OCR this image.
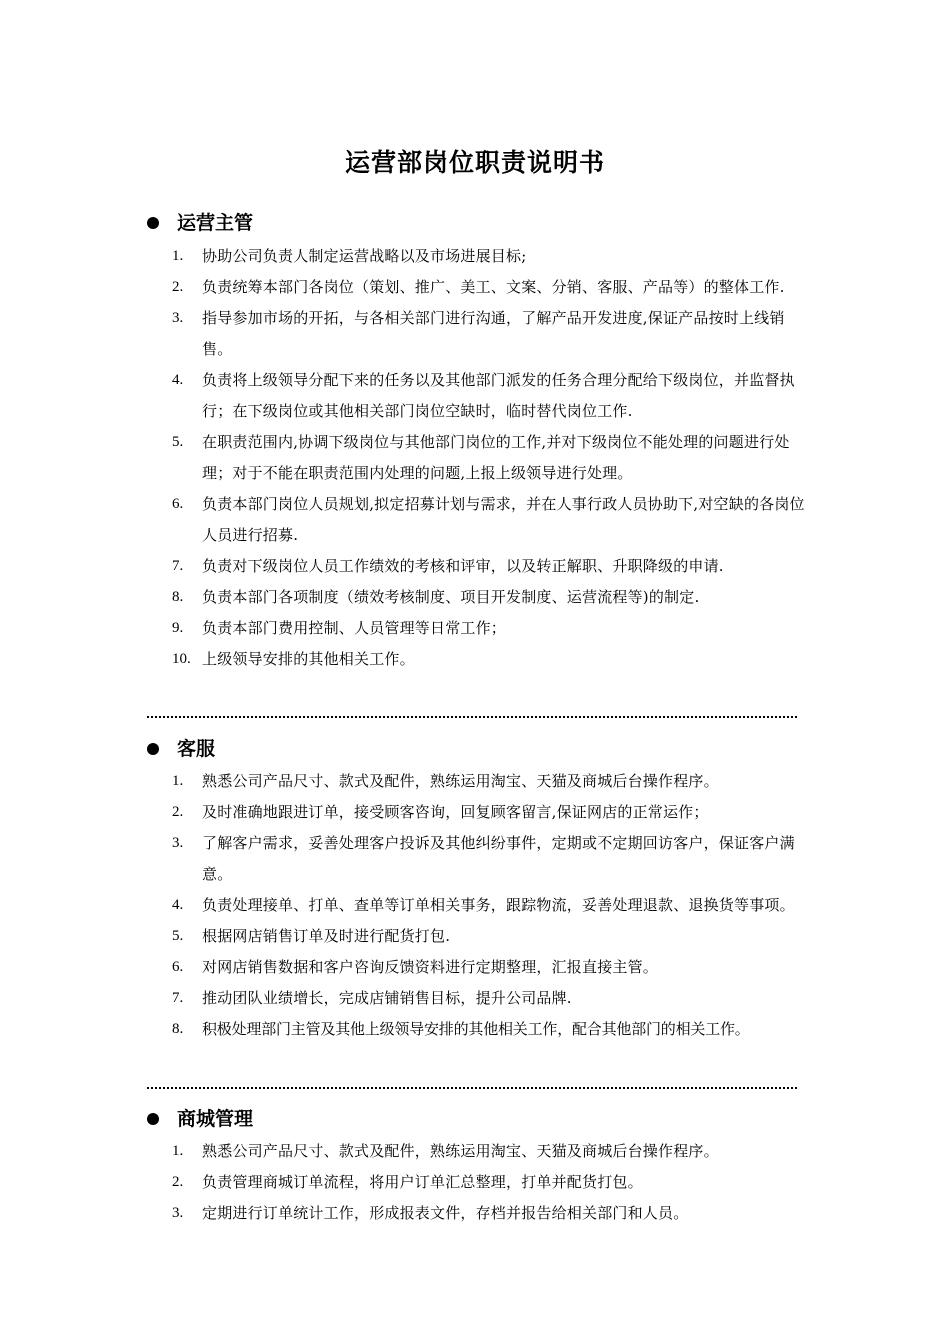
运营部岗位职责说明书
运营主管
1. 协助公司负责人制定运营战略以及市场进展目标;
2. 负责统筹本部门各岗位（策划、推广、美工、文案、分销、客服、产品等）的整体工作.
3. 指导参加市场的开拓，与各相关部门进行沟通，了解产品开发进度,保证产品按时上线销售。
4. 负责将上级领导分配下来的任务以及其他部门派发的任务合理分配给下级岗位，并监督执行；在下级岗位或其他相关部门岗位空缺时，临时替代岗位工作.
5. 在职责范围内,协调下级岗位与其他部门岗位的工作,并对下级岗位不能处理的问题进行处理；对于不能在职责范围内处理的问题,上报上级领导进行处理。
6. 负责本部门岗位人员规划,拟定招募计划与需求，并在人事行政人员协助下,对空缺的各岗位人员进行招募.
7. 负责对下级岗位人员工作绩效的考核和评审，以及转正解职、升职降级的申请.
8. 负责本部门各项制度（绩效考核制度、项目开发制度、运营流程等)的制定.
9. 负责本部门费用控制、人员管理等日常工作；
10. 上级领导安排的其他相关工作。
客服
1. 熟悉公司产品尺寸、款式及配件，熟练运用淘宝、天猫及商城后台操作程序。
2. 及时准确地跟进订单，接受顾客咨询，回复顾客留言,保证网店的正常运作；
3. 了解客户需求，妥善处理客户投诉及其他纠纷事件，定期或不定期回访客户，保证客户满意。
4. 负责处理接单、打单、查单等订单相关事务，跟踪物流，妥善处理退款、退换货等事项。
5. 根据网店销售订单及时进行配货打包.
6. 对网店销售数据和客户咨询反馈资料进行定期整理，汇报直接主管。
7. 推动团队业绩增长，完成店铺销售目标，提升公司品牌.
8. 积极处理部门主管及其他上级领导安排的其他相关工作，配合其他部门的相关工作。
商城管理
1. 熟悉公司产品尺寸、款式及配件，熟练运用淘宝、天猫及商城后台操作程序。
2. 负责管理商城订单流程，将用户订单汇总整理，打单并配货打包。
3. 定期进行订单统计工作，形成报表文件，存档并报告给相关部门和人员。
